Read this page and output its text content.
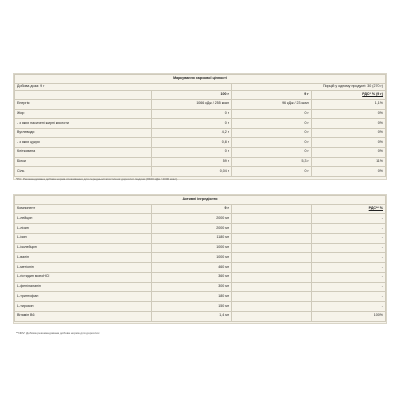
Маркування харчової цінності			
Добова доза: 9 г		Порцій у одному продукті: 30 (270 г)	
	100 г	9 г	РДС* % (9 г)
Енергія	1066 кДж / 255 ккал	96 кДж / 23 ккал	1,1%
Жир	0 г	0 г	0%
- з яких насичені жирні кислоти	0 г	0 г	0%
Вуглеводи	4,2 г	0 г	0%
- з яких цукри	0,8 г	0 г	0%
Клітковина	0 г	0 г	0%
Білки	59 г	5,3 г	11%
Сіль	0,04 г	0 г	0%
*РС: Рекомендована добова норма споживання для середньостатистичної дорослої людини (8400 кДж / 2000 ккал).
Активні інгредієнти			
Компонент	9 г		РДС** %
L-лейцин	2000 мг		-
L-лізин	2000 мг		-
L-ізин	1180 мг		-
L-ізолейцин	1000 мг		-
L-валін	1000 мг		-
L-метіонін	460 мг		-
L-гістидин моноHCl	360 мг		-
L-фенілаланін	300 мг		-
L-триптофан	180 мг		-
L-тирозин	150 мг		-
Вітамін B6	1,4 мг		100%
**NRV: Добова рекомендована добова норма для дорослих
